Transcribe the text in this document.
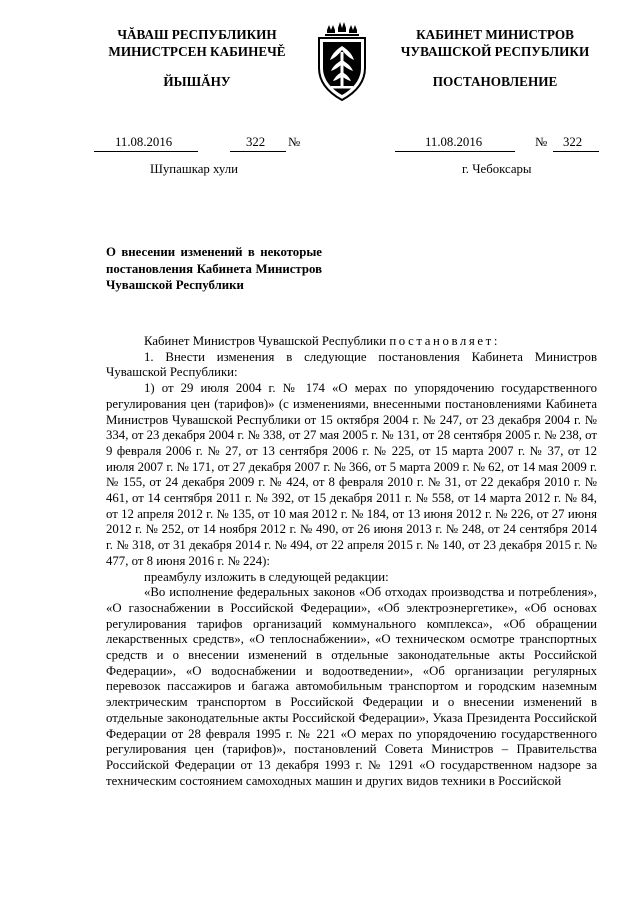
ЧĂВАШ РЕСПУБЛИКИН
МИНИСТРСЕН КАБИНЕЧĚ
ЙЫШĂНУ
КАБИНЕТ МИНИСТРОВ
ЧУВАШСКОЙ РЕСПУБЛИКИ
ПОСТАНОВЛЕНИЕ
11.08.2016	322 №	11.08.2016	№ 322
Шупашкар хули	г. Чебоксары
О внесении изменений в некоторые постановления Кабинета Министров Чувашской Республики

Кабинет Министров Чувашской Республики постановляет:

1. Внести изменения в следующие постановления Кабинета Министров Чувашской Республики:

1) от 29 июля 2004 г. № 174 «О мерах по упорядочению государственного регулирования цен (тарифов)» (с изменениями, внесенными постановлениями Кабинета Министров Чувашской Республики от 15 октября 2004 г. № 247, от 23 декабря 2004 г. № 334, от 23 декабря 2004 г. № 338, от 27 мая 2005 г. № 131, от 28 сентября 2005 г. № 238, от 9 февраля 2006 г. № 27, от 13 сентября 2006 г. № 225, от 15 марта 2007 г. № 37, от 12 июля 2007 г. № 171, от 27 декабря 2007 г. № 366, от 5 марта 2009 г. № 62, от 14 мая 2009 г. № 155, от 24 декабря 2009 г. № 424, от 8 февраля 2010 г. № 31, от 22 декабря 2010 г. № 461, от 14 сентября 2011 г. № 392, от 15 декабря 2011 г. № 558, от 14 марта 2012 г. № 84, от 12 апреля 2012 г. № 135, от 10 мая 2012 г. № 184, от 13 июня 2012 г. № 226, от 27 июня 2012 г. № 252, от 14 ноября 2012 г. № 490, от 26 июня 2013 г. № 248, от 24 сентября 2014 г. № 318, от 31 декабря 2014 г. № 494, от 22 апреля 2015 г. № 140, от 23 декабря 2015 г. № 477, от 8 июня 2016 г. № 224):

преамбулу изложить в следующей редакции:

«Во исполнение федеральных законов «Об отходах производства и потребления», «О газоснабжении в Российской Федерации», «Об электроэнергетике», «Об основах регулирования тарифов организаций коммунального комплекса», «Об обращении лекарственных средств», «О теплоснабжении», «О техническом осмотре транспортных средств и о внесении изменений в отдельные законодательные акты Российской Федерации», «О водоснабжении и водоотведении», «Об организации регулярных перевозок пассажиров и багажа автомобильным транспортом и городским наземным электрическим транспортом в Российской Федерации и о внесении изменений в отдельные законодательные акты Российской Федерации», Указа Президента Российской Федерации от 28 февраля 1995 г. № 221 «О мерах по упорядочению государственного регулирования цен (тарифов)», постановлений Совета Министров – Правительства Российской Федерации от 13 декабря 1993 г. № 1291 «О государственном надзоре за техническим состоянием самоходных машин и других видов техники в Российской
